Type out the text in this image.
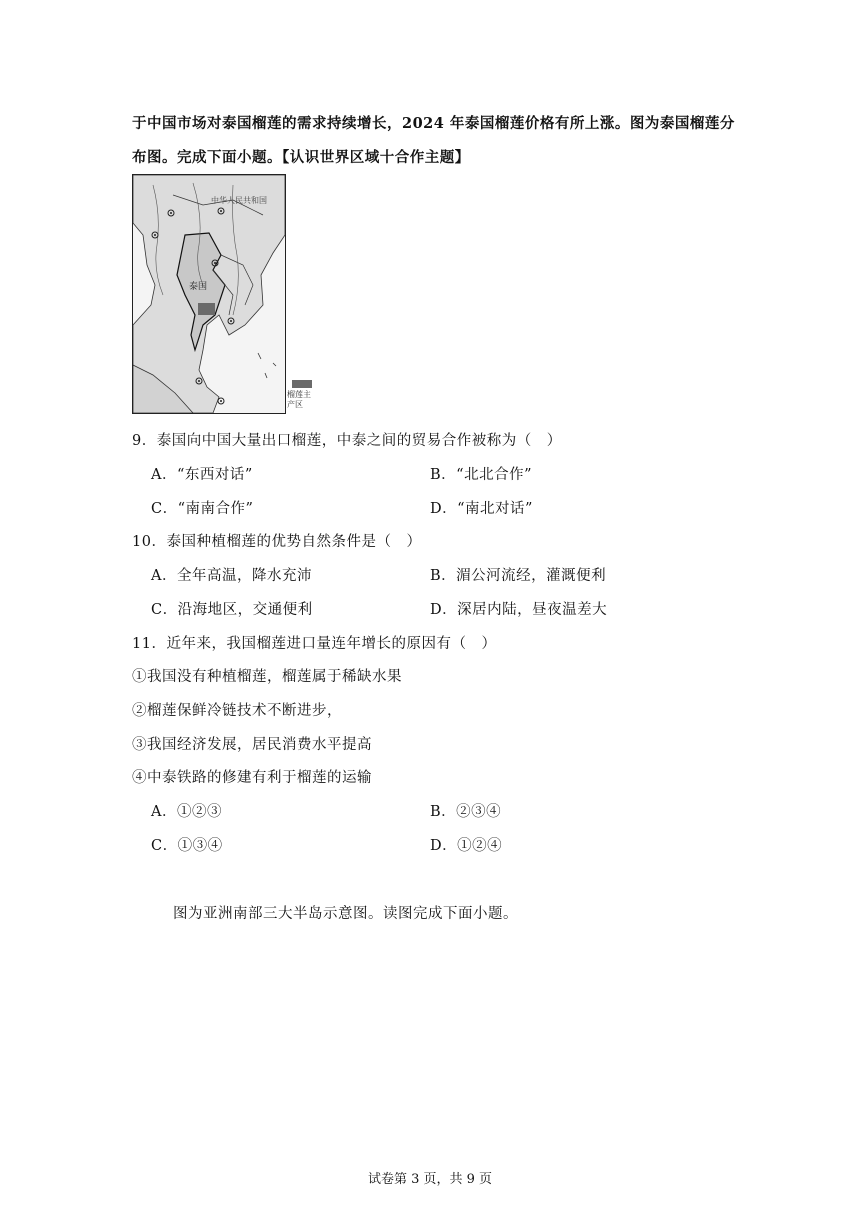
于中国市场对泰国榴莲的需求持续增长，2024 年泰国榴莲价格有所上涨。图为泰国榴莲分
布图。完成下面小题。【认识世界区域十合作主题】
中华人民共和国
泰国
榴莲主产区
9．泰国向中国大量出口榴莲，中泰之间的贸易合作被称为（　）
A．“东西对话”	B．“北北合作”
C．“南南合作”	D．“南北对话”
10．泰国种植榴莲的优势自然条件是（　）
A．全年高温，降水充沛	B．湄公河流经，灌溉便利
C．沿海地区，交通便利	D．深居内陆，昼夜温差大
11．近年来，我国榴莲进口量连年增长的原因有（　）
①我国没有种植榴莲，榴莲属于稀缺水果
②榴莲保鲜冷链技术不断进步，
③我国经济发展，居民消费水平提高
④中泰铁路的修建有利于榴莲的运输
A．①②③	B．②③④
C．①③④	D．①②④
图为亚洲南部三大半岛示意图。读图完成下面小题。
试卷第 3 页，共 9 页
